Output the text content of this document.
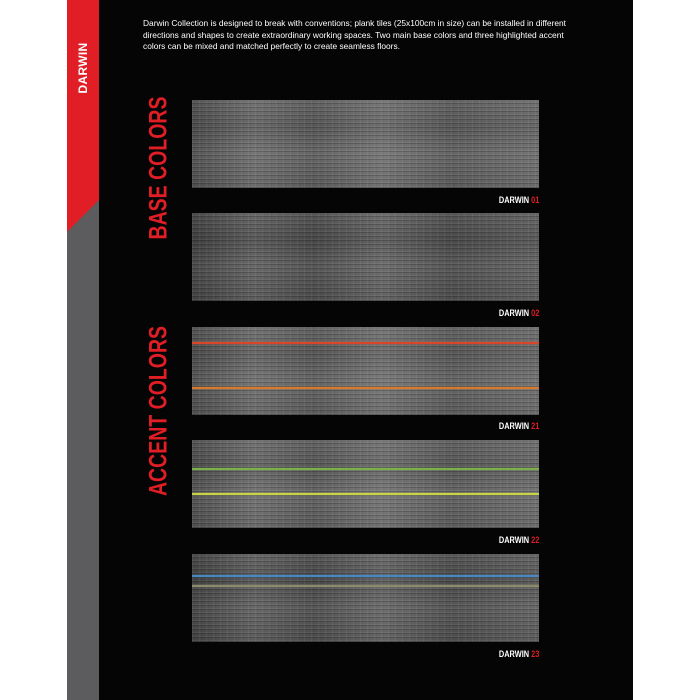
DARWIN

Darwin Collection is designed to break with conventions; plank tiles (25x100cm in size) can be installed in different directions and shapes to create extraordinary working spaces. Two main base colors and three highlighted accent colors can be mixed and matched perfectly to create seamless floors.

BASE COLORS
ACCENT COLORS
DARWIN 01
DARWIN 02
DARWIN 21
DARWIN 22
DARWIN 23
